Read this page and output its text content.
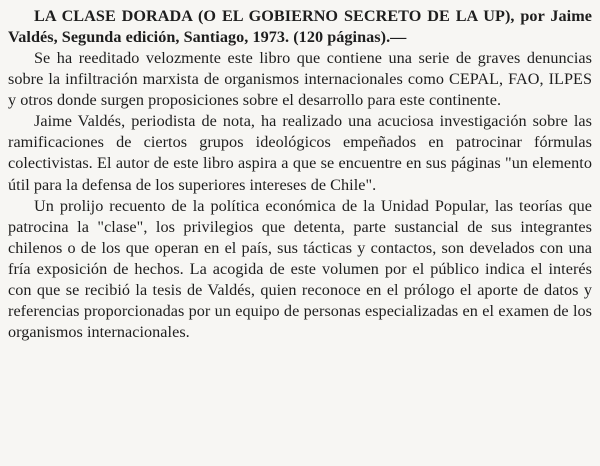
LA CLASE DORADA (O EL GOBIERNO SECRETO DE LA UP), por Jaime Valdés, Segunda edición, Santiago, 1973. (120 páginas).—

Se ha reeditado velozmente este libro que contiene una serie de graves denuncias sobre la infiltración marxista de organismos internacionales como CEPAL, FAO, ILPES y otros donde surgen proposiciones sobre el desarrollo para este continente.

Jaime Valdés, periodista de nota, ha realizado una acuciosa investigación sobre las ramificaciones de ciertos grupos ideológicos empeñados en patrocinar fórmulas colectivistas. El autor de este libro aspira a que se encuentre en sus páginas "un elemento útil para la defensa de los superiores intereses de Chile".

Un prolijo recuento de la política económica de la Unidad Popular, las teorías que patrocina la "clase", los privilegios que detenta, parte sustancial de sus integrantes chilenos o de los que operan en el país, sus tácticas y contactos, son develados con una fría exposición de hechos. La acogida de este volumen por el público indica el interés con que se recibió la tesis de Valdés, quien reconoce en el prólogo el aporte de datos y referencias proporcionadas por un equipo de personas especializadas en el examen de los organismos internacionales.
